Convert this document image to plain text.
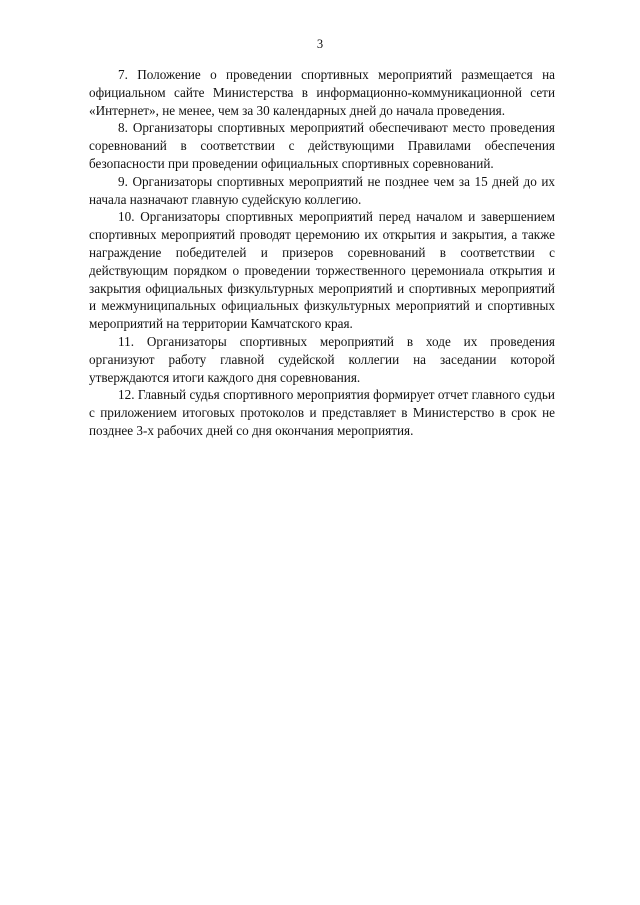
3

7. Положение о проведении спортивных мероприятий размещается на официальном сайте Министерства в информационно-коммуникационной сети «Интернет», не менее, чем за 30 календарных дней до начала проведения.

8. Организаторы спортивных мероприятий обеспечивают место проведения соревнований в соответствии с действующими Правилами обеспечения безопасности при проведении официальных спортивных соревнований.

9. Организаторы спортивных мероприятий не позднее чем за 15 дней до их начала назначают главную судейскую коллегию.

10. Организаторы спортивных мероприятий перед началом и завершением спортивных мероприятий проводят церемонию их открытия и закрытия, а также награждение победителей и призеров соревнований в соответствии с действующим порядком о проведении торжественного церемониала открытия и закрытия официальных физкультурных мероприятий и спортивных мероприятий и межмуниципальных официальных физкультурных мероприятий и спортивных мероприятий на территории Камчатского края.

11. Организаторы спортивных мероприятий в ходе их проведения организуют работу главной судейской коллегии на заседании которой утверждаются итоги каждого дня соревнования.

12. Главный судья спортивного мероприятия формирует отчет главного судьи с приложением итоговых протоколов и представляет в Министерство в срок не позднее 3-х рабочих дней со дня окончания мероприятия.
